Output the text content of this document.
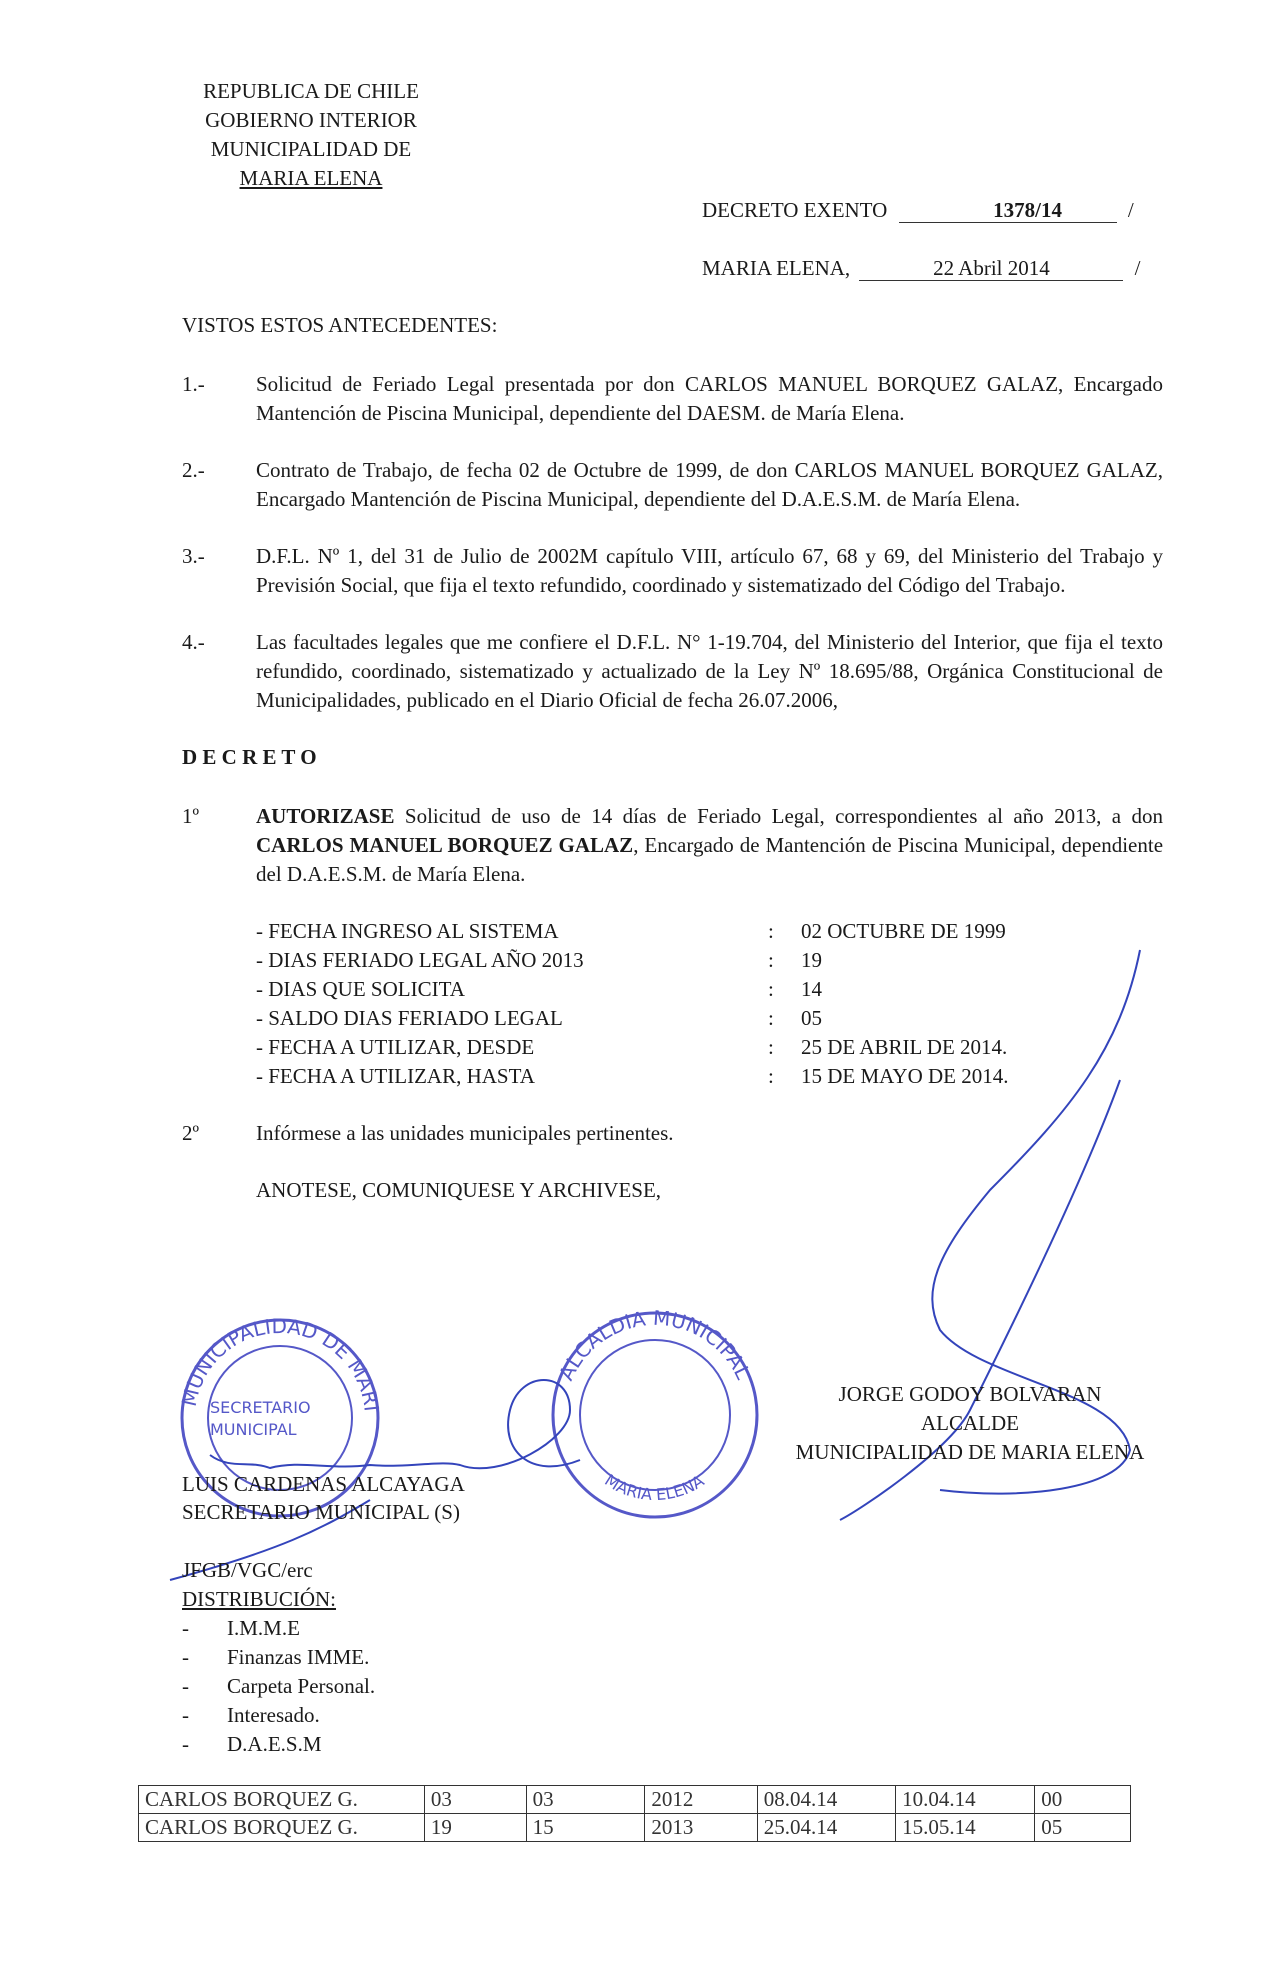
REPUBLICA DE CHILE
GOBIERNO INTERIOR
MUNICIPALIDAD DE
MARIA ELENA
DECRETO EXENTO	1378/14	/
MARIA ELENA,	22 Abril 2014	/
VISTOS ESTOS ANTECEDENTES:
1.-	Solicitud de Feriado Legal presentada por don CARLOS MANUEL BORQUEZ GALAZ, Encargado Mantención de Piscina Municipal, dependiente del DAESM. de María Elena.
2.-	Contrato de Trabajo, de fecha 02 de Octubre de 1999, de don CARLOS MANUEL BORQUEZ GALAZ, Encargado Mantención de Piscina Municipal, dependiente del D.A.E.S.M. de María Elena.
3.-	D.F.L. Nº 1, del 31 de Julio de 2002M capítulo VIII, artículo 67, 68 y 69, del Ministerio del Trabajo y Previsión Social, que fija el texto refundido, coordinado y sistematizado del Código del Trabajo.
4.-	Las facultades legales que me confiere el D.F.L. N° 1-19.704, del Ministerio del Interior, que fija el texto refundido, coordinado, sistematizado y actualizado de la Ley Nº 18.695/88, Orgánica Constitucional de Municipalidades, publicado en el Diario Oficial de fecha 26.07.2006,
D E C R E T O
1º	AUTORIZASE Solicitud de uso de 14 días de Feriado Legal, correspondientes al año 2013, a don CARLOS MANUEL BORQUEZ GALAZ, Encargado de Mantención de Piscina Municipal, dependiente del D.A.E.S.M. de María Elena.
- FECHA INGRESO AL SISTEMA	: 02 OCTUBRE DE 1999
- DIAS FERIADO LEGAL AÑO 2013	: 19
- DIAS QUE SOLICITA	: 14
- SALDO DIAS FERIADO LEGAL	: 05
- FECHA A UTILIZAR, DESDE	: 25 DE ABRIL DE 2014.
- FECHA A UTILIZAR, HASTA	: 15 DE MAYO DE 2014.
2º	Infórmese a las unidades municipales pertinentes.
ANOTESE, COMUNIQUESE Y ARCHIVESE,
MUNICIPALIDAD DE MARIA ELENA
SECRETARIO
MUNICIPAL
ALCALDIA MUNICIPAL
MARIA ELENA
LUIS CARDENAS ALCAYAGA
SECRETARIO MUNICIPAL (S)
JORGE GODOY BOLVARAN
ALCALDE
MUNICIPALIDAD DE MARIA ELENA
JFGB/VGC/erc
DISTRIBUCIÓN:
- I.M.M.E
- Finanzas IMME.
- Carpeta Personal.
- Interesado.
- D.A.E.S.M
CARLOS BORQUEZ G.	03	03	2012	08.04.14	10.04.14	00
CARLOS BORQUEZ G.	19	15	2013	25.04.14	15.05.14	05
